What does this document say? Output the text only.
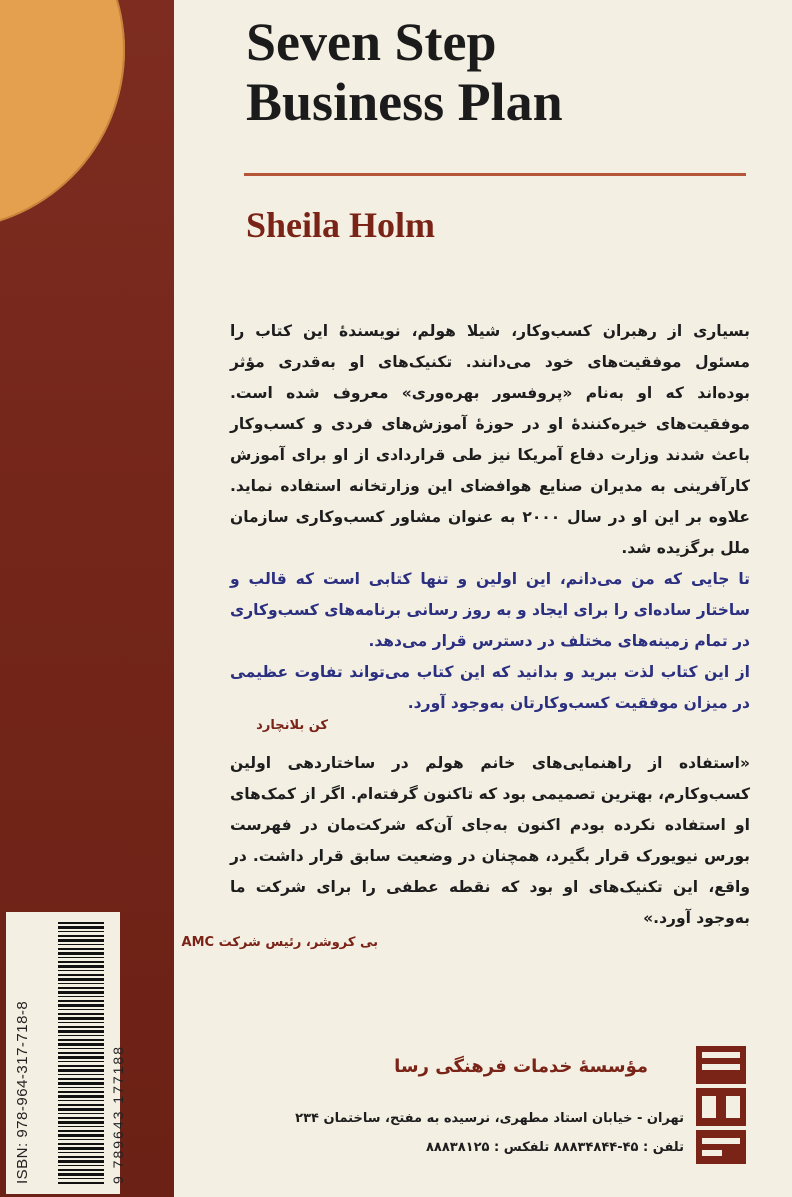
ISBN: 978-964-317-718-8	9 789643 177188
Seven Step
Business Plan
Sheila Holm
بسیاری از رهبران کسب‌وکار، شیلا هولم، نویسندهٔ این کتاب را مسئول موفقیت‌های خود می‌دانند. تکنیک‌های او به‌قدری مؤثر بوده‌اند که او به‌نام «پروفسور بهره‌وری» معروف شده است. موفقیت‌های خیره‌کنندهٔ او در حوزهٔ آموزش‌های فردی و کسب‌وکار باعث شدند وزارت دفاع آمریکا نیز طی قراردادی از او برای آموزش کارآفرینی به مدیران صنایع هوافضای این وزارتخانه استفاده نماید. علاوه بر این او در سال ۲۰۰۰ به عنوان مشاور کسب‌وکاری سازمان ملل برگزیده شد.
تا جایی که من می‌دانم، این اولین و تنها کتابی است که قالب و ساختار ساده‌ای را برای ایجاد و به روز رسانی برنامه‌های کسب‌وکاری در تمام زمینه‌های مختلف در دسترس قرار می‌دهد.
از این کتاب لذت ببرید و بدانید که این کتاب می‌تواند تفاوت عظیمی در میزان موفقیت کسب‌وکارتان به‌وجود آورد.
کن بلانچارد
«استفاده از راهنمایی‌های خانم هولم در ساختاردهی اولین کسب‌وکارم، بهترین تصمیمی بود که تاکنون گرفته‌ام. اگر از کمک‌های او استفاده نکرده بودم اکنون به‌جای آن‌که شرکت‌مان در فهرست بورس نیویورک قرار بگیرد، همچنان در وضعیت سابق قرار داشت. در واقع، این تکنیک‌های او بود که نقطه عطفی را برای شرکت ما به‌وجود آورد.»
بی کروشر، رئیس شرکت AMC
مؤسسهٔ خدمات فرهنگی رسا
تهران - خیابان استاد مطهری، نرسیده به مفتح، ساختمان ۲۳۴
تلفن : ۴۵-۸۸۸۳۴۸۴۴ تلفکس : ۸۸۸۳۸۱۲۵
